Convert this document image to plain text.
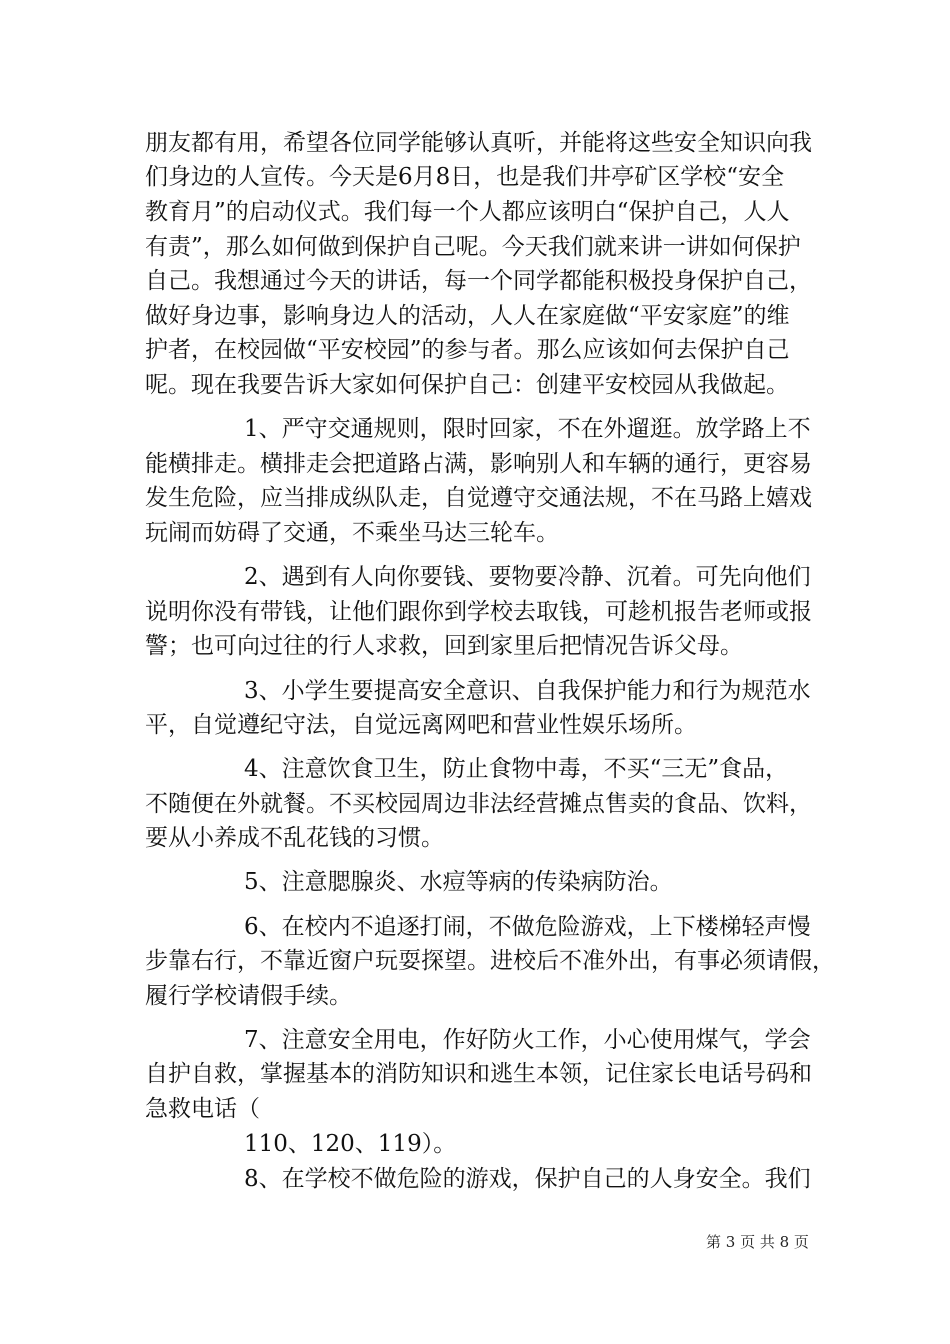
朋友都有用，希望各位同学能够认真听，并能将这些安全知识向我
们身边的人宣传。今天是6月8日，也是我们井亭矿区学校“安全
教育月”的启动仪式。我们每一个人都应该明白“保护自己，人人
有责”，那么如何做到保护自己呢。今天我们就来讲一讲如何保护
自己。我想通过今天的讲话，每一个同学都能积极投身保护自己，
做好身边事，影响身边人的活动，人人在家庭做“平安家庭”的维
护者，在校园做“平安校园”的参与者。那么应该如何去保护自己
呢。现在我要告诉大家如何保护自己：创建平安校园从我做起。
1、严守交通规则，限时回家，不在外遛逛。放学路上不
能横排走。横排走会把道路占满，影响别人和车辆的通行，更容易
发生危险，应当排成纵队走，自觉遵守交通法规，不在马路上嬉戏
玩闹而妨碍了交通，不乘坐马达三轮车。
2、遇到有人向你要钱、要物要冷静、沉着。可先向他们
说明你没有带钱，让他们跟你到学校去取钱，可趁机报告老师或报
警；也可向过往的行人求救，回到家里后把情况告诉父母。
3、小学生要提高安全意识、自我保护能力和行为规范水
平，自觉遵纪守法，自觉远离网吧和营业性娱乐场所。
4、注意饮食卫生，防止食物中毒，不买“三无”食品，
不随便在外就餐。不买校园周边非法经营摊点售卖的食品、饮料，
要从小养成不乱花钱的习惯。
5、注意腮腺炎、水痘等病的传染病防治。
6、在校内不追逐打闹，不做危险游戏，上下楼梯轻声慢
步靠右行，不靠近窗户玩耍探望。进校后不准外出，有事必须请假，
履行学校请假手续。
7、注意安全用电，作好防火工作，小心使用煤气，学会
自护自救，掌握基本的消防知识和逃生本领，记住家长电话号码和
急救电话（
110、120、119）。
8、在学校不做危险的游戏，保护自己的人身安全。我们
第 3 页 共 8 页
